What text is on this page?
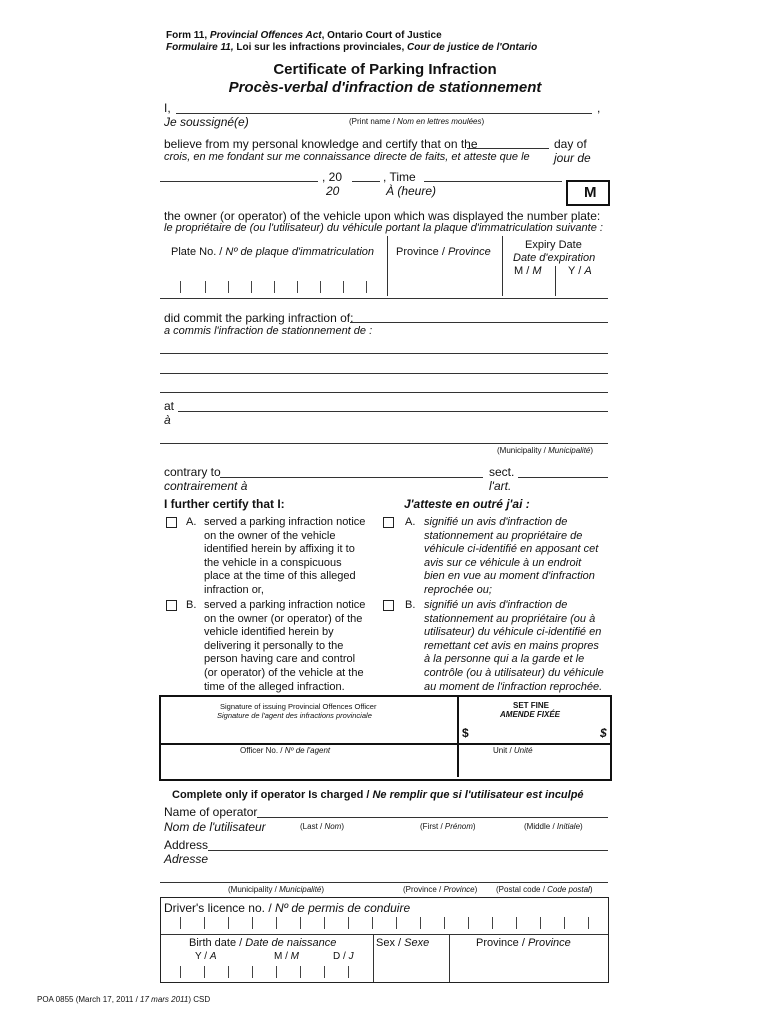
Form 11, Provincial Offences Act, Ontario Court of Justice
Formulaire 11, Loi sur les infractions provinciales, Cour de justice de l'Ontario
Certificate of Parking Infraction
Procès-verbal d'infraction de stationnement
I,	,
Je soussigné(e)	(Print name / Nom en lettres moulées)
believe from my personal knowledge and certify that on the	day of
crois, en me fondant sur me connaissance directe de faits, et atteste que le jour de
, 20	, Time
20	À (heure)	M
the owner (or operator) of the vehicle upon which was displayed the number plate:
le propriétaire de (ou l'utilisateur) du véhicule portant la plaque d'immatriculation suivante :
Plate No. / Nº de plaque d'immatriculation Province / Province
Expiry Date
Date d'expiration
M / M Y / A
did commit the parking infraction of:
a commis l'infraction de stationnement de :
at
à
(Municipality / Municipalité)
contrary to	sect.
contrairement à	l'art.
I further certify that I:	J'atteste en outré j'ai :
A. served a parking infraction notice
on the owner of the vehicle
identified herein by affixing it to
the vehicle in a conspicuous
place at the time of this alleged
infraction or,
A. signifié un avis d'infraction de
stationnement au propriétaire de
véhicule ci-identifié en apposant cet
avis sur ce véhicule à un endroit
bien en vue au moment d'infraction
reprochée ou;
B. served a parking infraction notice
on the owner (or operator) of the
vehicle identified herein by
delivering it personally to the
person having care and control
(or operator) of the vehicle at the
time of the alleged infraction.
B. signifié un avis d'infraction de
stationnement au propriétaire (ou à
utilisateur) du véhicule ci-identifié en
remettant cet avis en mains propres
à la personne qui a la garde et le
contrôle (ou à utilisateur) du véhicule
au moment de l'infraction reprochée.
Signature of issuing Provincial Offences Officer
Signature de l'agent des infractions provinciale
SET FINE
AMENDE FIXÉE
$	$
Officer No. / Nº de l'agent	Unit / Unité
Complete only if operator Is charged / Ne remplir que si l'utilisateur est inculpé
Name of operator
Nom de l'utilisateur	(Last / Nom)	(First / Prénom)	(Middle / Initiale)
Address
Adresse
(Municipality / Municipalité)	(Province / Province) (Postal code / Code postal)
Driver's licence no. / Nº de permis de conduire
Birth date / Date de naissance	Sex / Sexe	Province / Province
Y / A	M / M	D / J
POA 0855 (March 17, 2011 / 17 mars 2011) CSD
